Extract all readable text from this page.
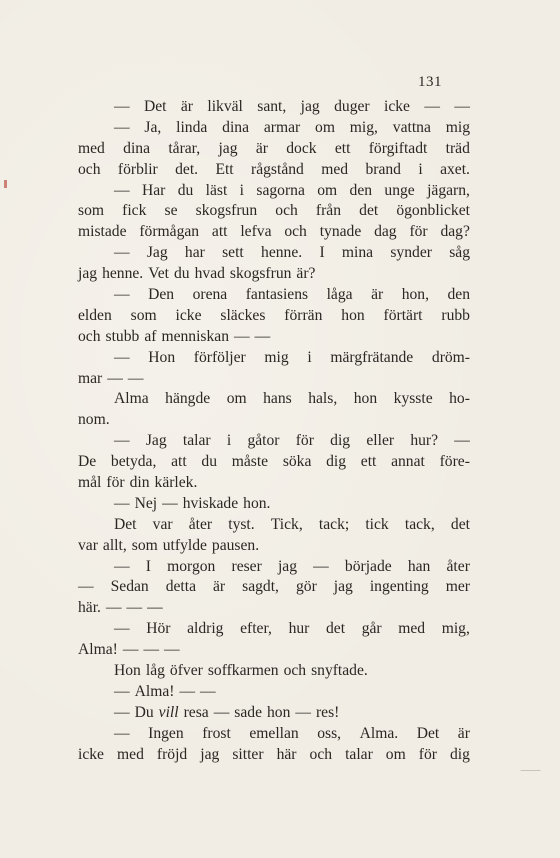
131
— Det är likväl sant, jag duger icke — —
— Ja, linda dina armar om mig, vattna mig
med dina tårar, jag är dock ett förgiftadt träd
och förblir det. Ett rågstånd med brand i axet.
— Har du läst i sagorna om den unge jägarn,
som fick se skogsfrun och från det ögonblicket
mistade förmågan att lefva och tynade dag för dag?
— Jag har sett henne. I mina synder såg
jag henne. Vet du hvad skogsfrun är?
— Den orena fantasiens låga är hon, den
elden som icke släckes förrän hon förtärt rubb
och stubb af menniskan — —
— Hon förföljer mig i märgfrätande dröm-
mar — —
Alma hängde om hans hals, hon kysste ho-
nom.
— Jag talar i gåtor för dig eller hur? —
De betyda, att du måste söka dig ett annat före-
mål för din kärlek.
— Nej — hviskade hon.
Det var åter tyst. Tick, tack; tick tack, det
var allt, som utfylde pausen.
— I morgon reser jag — började han åter
— Sedan detta är sagdt, gör jag ingenting mer
här. — — —
— Hör aldrig efter, hur det går med mig,
Alma! — — —
Hon låg öfver soffkarmen och snyftade.
— Alma! — —
— Du vill resa — sade hon — res!
— Ingen frost emellan oss, Alma. Det är
icke med fröjd jag sitter här och talar om för dig
